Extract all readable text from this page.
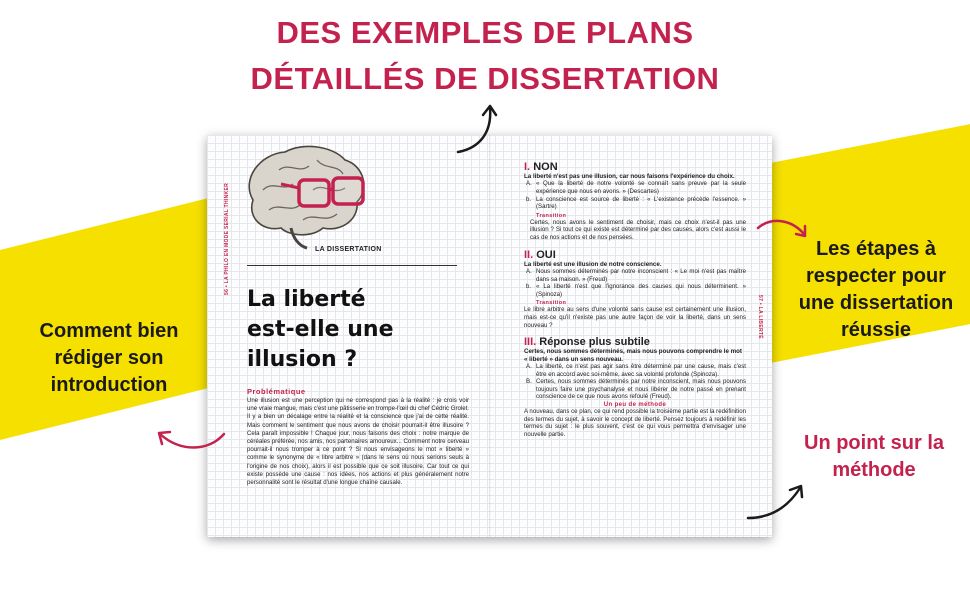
DES EXEMPLES DE PLANS
DÉTAILLÉS DE DISSERTATION
56 • LA PHILO EN MODE SERIAL THINKER	LA DISSERTATION
La liberté
est-elle une
illusion ?
Problématique
Une illusion est une perception qui ne correspond pas à la réalité : je crois voir une vraie mangue, mais c'est une pâtisserie en trompe-l'œil du chef Cédric Grolet. Il y a bien un décalage entre la réalité et la conscience que j'ai de cette réalité. Mais comment le sentiment que nous avons de choisir pourrait-il être illusoire ? Cela paraît impossible ! Chaque jour, nous faisons des choix : notre marque de céréales préférée, nos amis, nos partenaires amoureux... Comment notre cerveau pourrait-il nous tromper à ce point ? Si nous envisageons le mot « liberté » comme le synonyme de « libre arbitre » (dans le sens où nous serions seuls à l'origine de nos choix), alors il est possible que ce soit illusoire. Car tout ce qui existe possède une cause : nos idées, nos actions et plus généralement notre personnalité sont le résultat d'une longue chaîne causale.
57 • LA LIBERTÉ
I. NON
La liberté n'est pas une illusion, car nous faisons l'expérience du choix.
A. « Que la liberté de notre volonté se connaît sans preuve par la seule expérience que nous en avons. » (Descartes)
b. La conscience est source de liberté : « L'existence précède l'essence. » (Sartre)
Transition
Certes, nous avons le sentiment de choisir, mais ce choix n'est-il pas une illusion ? Si tout ce qui existe est déterminé par des causes, alors c'est aussi le cas de nos actions et de nos pensées.
II. OUI
La liberté est une illusion de notre conscience.
A. Nous sommes déterminés par notre inconscient : « Le moi n'est pas maître dans sa maison. » (Freud)
b. « La liberté n'est que l'ignorance des causes qui nous déterminent. » (Spinoza)
Transition
Le libre arbitre au sens d'une volonté sans cause est certainement une illusion, mais est-ce qu'il n'existe pas une autre façon de voir la liberté, dans un sens nouveau ?
III. Réponse plus subtile
Certes, nous sommes déterminés, mais nous pouvons comprendre le mot « liberté » dans un sens nouveau.
A. La liberté, ce n'est pas agir sans être déterminé par une cause, mais c'est être en accord avec soi-même, avec sa volonté profonde (Spinoza).
B. Certes, nous sommes déterminés par notre inconscient, mais nous pouvons toujours faire une psychanalyse et nous libérer de notre passé en prenant conscience de ce que nous avons refoulé (Freud).
Un peu de méthode
A nouveau, dans ce plan, ce qui rend possible la troisième partie est la redéfinition des termes du sujet, à savoir le concept de liberté. Pensez toujours à redéfinir les termes du sujet : le plus souvent, c'est ce qui vous permettra d'envisager une nouvelle partie.
Comment bien
rédiger son
introduction
Les étapes à
respecter pour
une dissertation
réussie
Un point sur la
méthode
